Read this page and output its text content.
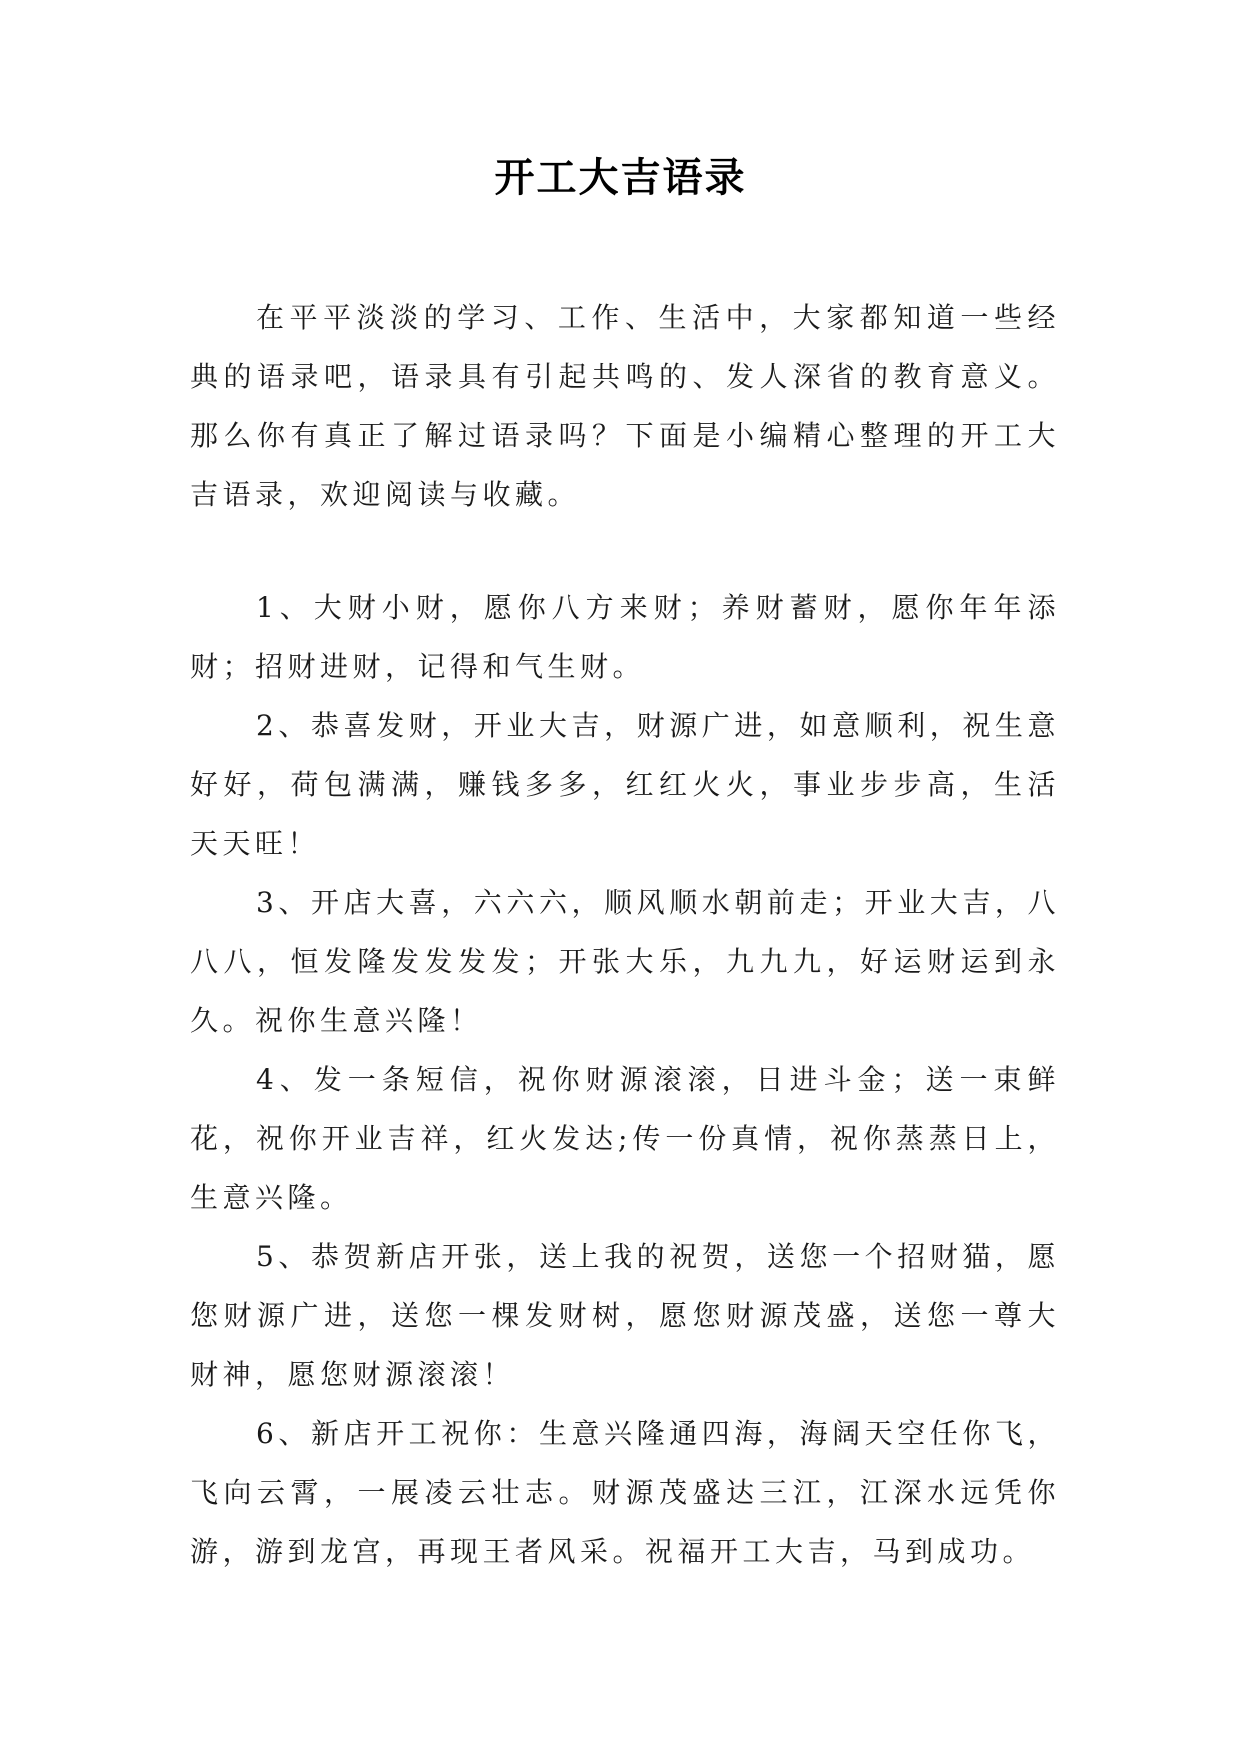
开工大吉语录

在平平淡淡的学习、工作、生活中，大家都知道一些经典的语录吧，语录具有引起共鸣的、发人深省的教育意义。那么你有真正了解过语录吗？下面是小编精心整理的开工大吉语录，欢迎阅读与收藏。

1、大财小财，愿你八方来财；养财蓄财，愿你年年添财；招财进财，记得和气生财。

2、恭喜发财，开业大吉，财源广进，如意顺利，祝生意好好，荷包满满，赚钱多多，红红火火，事业步步高，生活天天旺！

3、开店大喜，六六六，顺风顺水朝前走；开业大吉，八八八，恒发隆发发发发；开张大乐，九九九，好运财运到永久。祝你生意兴隆！

4、发一条短信，祝你财源滚滚，日进斗金；送一束鲜花，祝你开业吉祥，红火发达;传一份真情，祝你蒸蒸日上，生意兴隆。

5、恭贺新店开张，送上我的祝贺，送您一个招财猫，愿您财源广进，送您一棵发财树，愿您财源茂盛，送您一尊大财神，愿您财源滚滚！

6、新店开工祝你：生意兴隆通四海，海阔天空任你飞，飞向云霄，一展凌云壮志。财源茂盛达三江，江深水远凭你游，游到龙宫，再现王者风采。祝福开工大吉，马到成功。
